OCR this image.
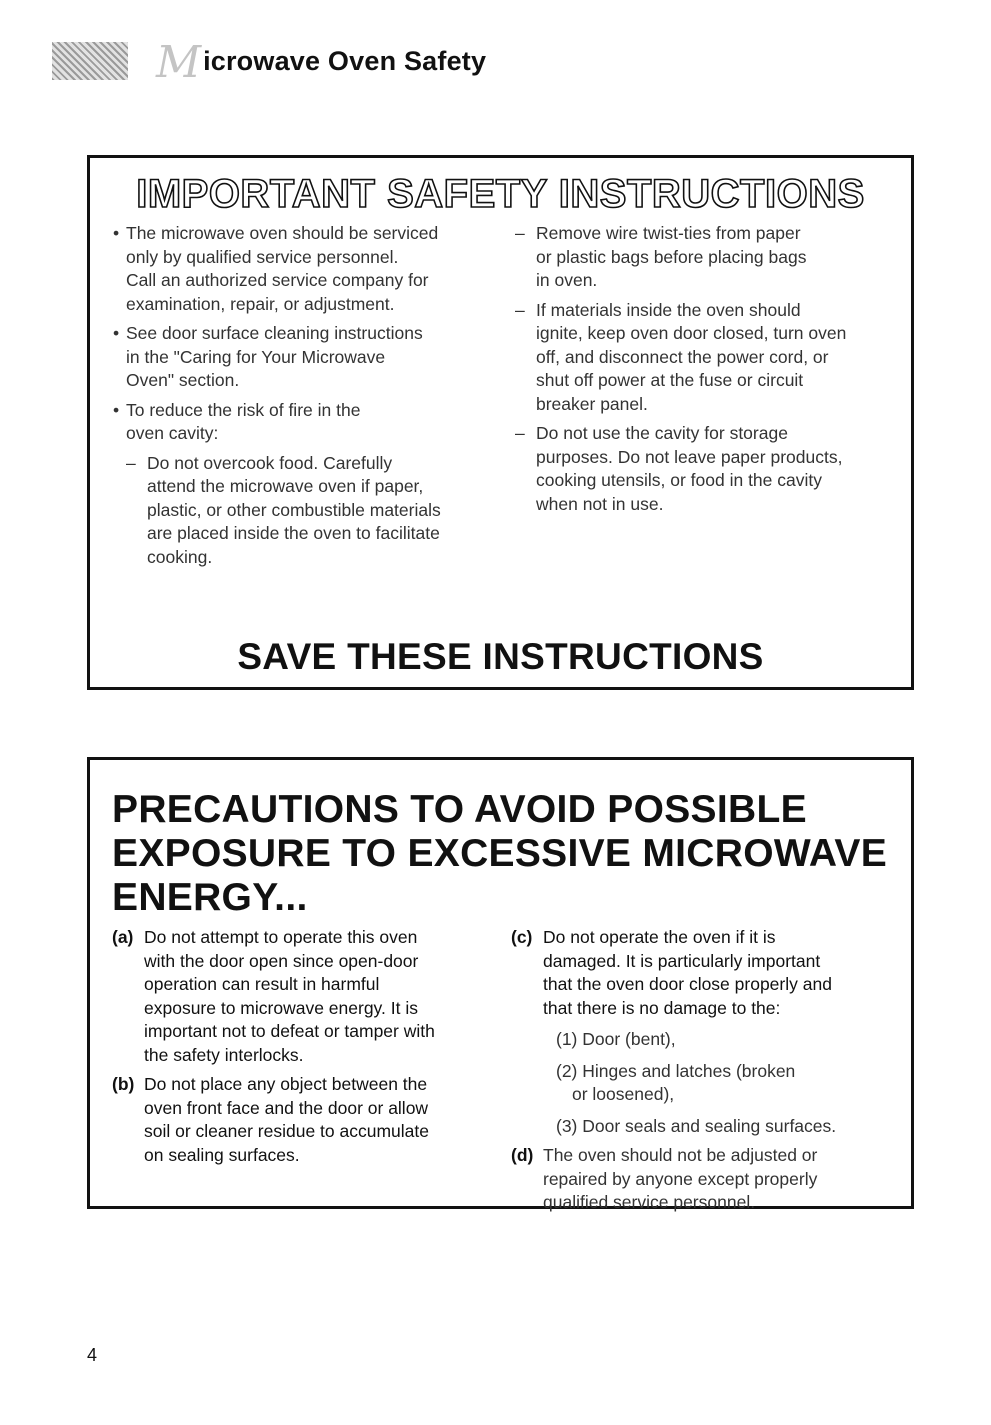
M icrowave Oven Safety
IMPORTANT SAFETY INSTRUCTIONS
• The microwave oven should be serviced
only by qualified service personnel.
Call an authorized service company for
examination, repair, or adjustment.
• See door surface cleaning instructions
in the "Caring for Your Microwave
Oven" section.
• To reduce the risk of fire in the
oven cavity:
– Do not overcook food. Carefully
attend the microwave oven if paper,
plastic, or other combustible materials
are placed inside the oven to facilitate
cooking.
– Remove wire twist-ties from paper
or plastic bags before placing bags
in oven.
– If materials inside the oven should
ignite, keep oven door closed, turn oven
off, and disconnect the power cord, or
shut off power at the fuse or circuit
breaker panel.
– Do not use the cavity for storage
purposes. Do not leave paper products,
cooking utensils, or food in the cavity
when not in use.
SAVE THESE INSTRUCTIONS
PRECAUTIONS TO AVOID POSSIBLE
EXPOSURE TO EXCESSIVE MICROWAVE
ENERGY...
(a) Do not attempt to operate this oven
with the door open since open-door
operation can result in harmful
exposure to microwave energy. It is
important not to defeat or tamper with
the safety interlocks.
(b) Do not place any object between the
oven front face and the door or allow
soil or cleaner residue to accumulate
on sealing surfaces.
(c) Do not operate the oven if it is
damaged. It is particularly important
that the oven door close properly and
that there is no damage to the:
(1) Door (bent),
(2) Hinges and latches (broken
or loosened),
(3) Door seals and sealing surfaces.
(d) The oven should not be adjusted or
repaired by anyone except properly
qualified service personnel.
4
